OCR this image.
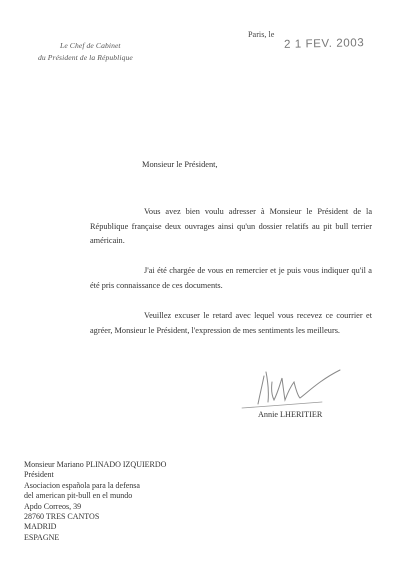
Le Chef de Cabinet
du Président de la République
Paris, le
2 1 FEV. 2003
Monsieur le Président,

Vous avez bien voulu adresser à Monsieur le Président de la République française deux ouvrages ainsi qu'un dossier relatifs au pit bull terrier américain.

J'ai été chargée de vous en remercier et je puis vous indiquer qu'il a été pris connaissance de ces documents.

Veuillez excuser le retard avec lequel vous recevez ce courrier et agréer, Monsieur le Président, l'expression de mes sentiments les meilleurs.

Annie LHERITIER
Monsieur Mariano PLINADO IZQUIERDO
Président
Asociacion española para la defensa
del american pit-bull en el mundo
Apdo Correos, 39
28760 TRES CANTOS
MADRID
ESPAGNE
